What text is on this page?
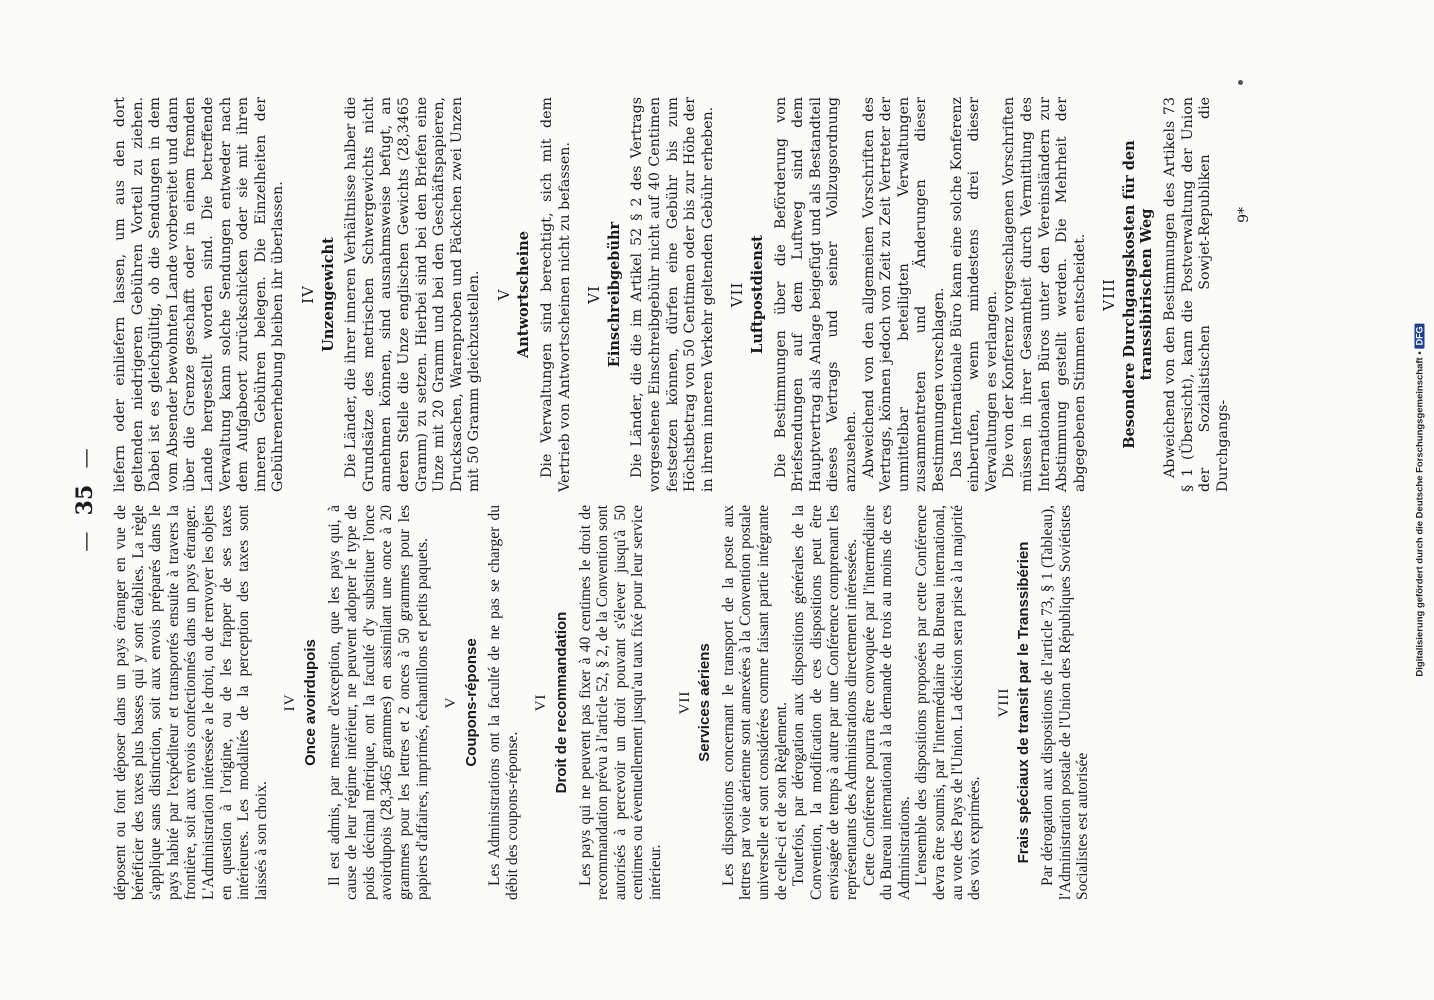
— 35 —

déposent ou font déposer dans un pays étranger en vue de bénéficier des taxes plus basses qui y sont établies. La règle s'applique sans distinction, soit aux envois préparés dans le pays habité par l'expéditeur et transportés ensuite à travers la frontière, soit aux envois confectionnés dans un pays étranger. L'Administration intéressée a le droit, ou de renvoyer les objets en question à l'origine, ou de les frapper de ses taxes intérieures. Les modalités de la perception des taxes sont laissés à son choix.

IV Once avoirdupois Il est admis, par mesure d'exception, que les pays qui, à cause de leur régime intérieur, ne peuvent adopter le type de poids décimal métrique, ont la faculté d'y substituer l'once avoirdupois (28,3465 grammes) en assimilant une once à 20 grammes pour les lettres et 2 onces à 50 grammes pour les papiers d'affaires, imprimés, échantillons et petits paquets. V Coupons-réponse Les Administrations ont la faculté de ne pas se charger du débit des coupons-réponse.

VI Droit de recommandation Les pays qui ne peuvent pas fixer à 40 centimes le droit de recommandation prévu à l'article 52, § 2, de la Convention sont autorisés à percevoir un droit pouvant s'élever jusqu'à 50 centimes ou éventuellement jusqu'au taux fixé pour leur service intérieur.

VII Services aériens Les dispositions concernant le transport de la poste aux lettres par voie aérienne sont annexées à la Convention postale universelle et sont considérées comme faisant partie intégrante de celle-ci et de son Règlement. Toutefois, par dérogation aux dispositions générales de la Convention, la modification de ces dispositions peut être envisagée de temps à autre par une Conférence comprenant les représentants des Administrations directement intéressées. Cette Conférence pourra être convoquée par l'intermédiaire du Bureau international à la demande de trois au moins de ces Administrations. L'ensemble des dispositions proposées par cette Conférence devra être soumis, par l'intermédiaire du Bureau international, au vote des Pays de l'Union. La décision sera prise à la majorité des voix exprimées.

VIII Frais spéciaux de transit par le Transsibérien Par dérogation aux dispositions de l'article 73, § 1 (Tableau), l'Administration postale de l'Union des Républiques Soviétistes Socialistes est autorisée

liefern oder einliefern lassen, um aus den dort geltenden niedrigeren Gebühren Vorteil zu ziehen. Dabei ist es gleichgültig, ob die Sendungen in dem vom Absender bewohnten Lande vorbereitet und dann über die Grenze geschafft oder in einem fremden Lande hergestellt worden sind. Die betreffende Verwaltung kann solche Sendungen entweder nach dem Aufgabeort zurückschicken oder sie mit ihren inneren Gebühren belegen. Die Einzelheiten der Gebührenerhebung bleiben ihr überlassen. IV Unzengewicht Die Länder, die ihrer inneren Verhältnisse halber die Grundsätze des metrischen Schwergewichts nicht annehmen können, sind ausnahmsweise befugt, an deren Stelle die Unze englischen Gewichts (28,3465 Gramm) zu setzen. Hierbei sind bei den Briefen eine Unze mit 20 Gramm und bei den Geschäftspapieren, Drucksachen, Warenproben und Päckchen zwei Unzen mit 50 Gramm gleichzustellen. V Antwortscheine Die Verwaltungen sind berechtigt, sich mit dem Vertrieb von Antwortscheinen nicht zu befassen. VI Einschreibgebühr Die Länder, die die im Artikel 52 § 2 des Vertrags vorgesehene Einschreibgebühr nicht auf 40 Centimen festsetzen können, dürfen eine Gebühr bis zum Höchstbetrag von 50 Centimen oder bis zur Höhe der in ihrem inneren Verkehr geltenden Gebühr erheben. VII Luftpostdienst Die Bestimmungen über die Beförderung von Briefsendungen auf dem Luftweg sind dem Hauptvertrag als Anlage beigefügt und als Bestandteil dieses Vertrags und seiner Vollzugsordnung anzusehen. Abweichend von den allgemeinen Vorschriften des Vertrags, können jedoch von Zeit zu Zeit Vertreter der unmittelbar beteiligten Verwaltungen zusammentreten und Änderungen dieser Bestimmungen vorschlagen. Das Internationale Büro kann eine solche Konferenz einberufen, wenn mindestens drei dieser Verwaltungen es verlangen. Die von der Konferenz vorgeschlagenen Vorschriften müssen in ihrer Gesamtheit durch Vermittlung des Internationalen Büros unter den Vereinsländern zur Abstimmung gestellt werden. Die Mehrheit der abgegebenen Stimmen entscheidet. VIII Besondere Durchgangskosten für den transsibirischen Weg Abweichend von den Bestimmungen des Artikels 73 § 1 (Übersicht), kann die Postverwaltung der Union der Sozialistischen Sowjet-Republiken die Durchgangs-

9*
Digitalisierung gefördert durch die Deutsche Forschungsgemeinschaft •DFG
